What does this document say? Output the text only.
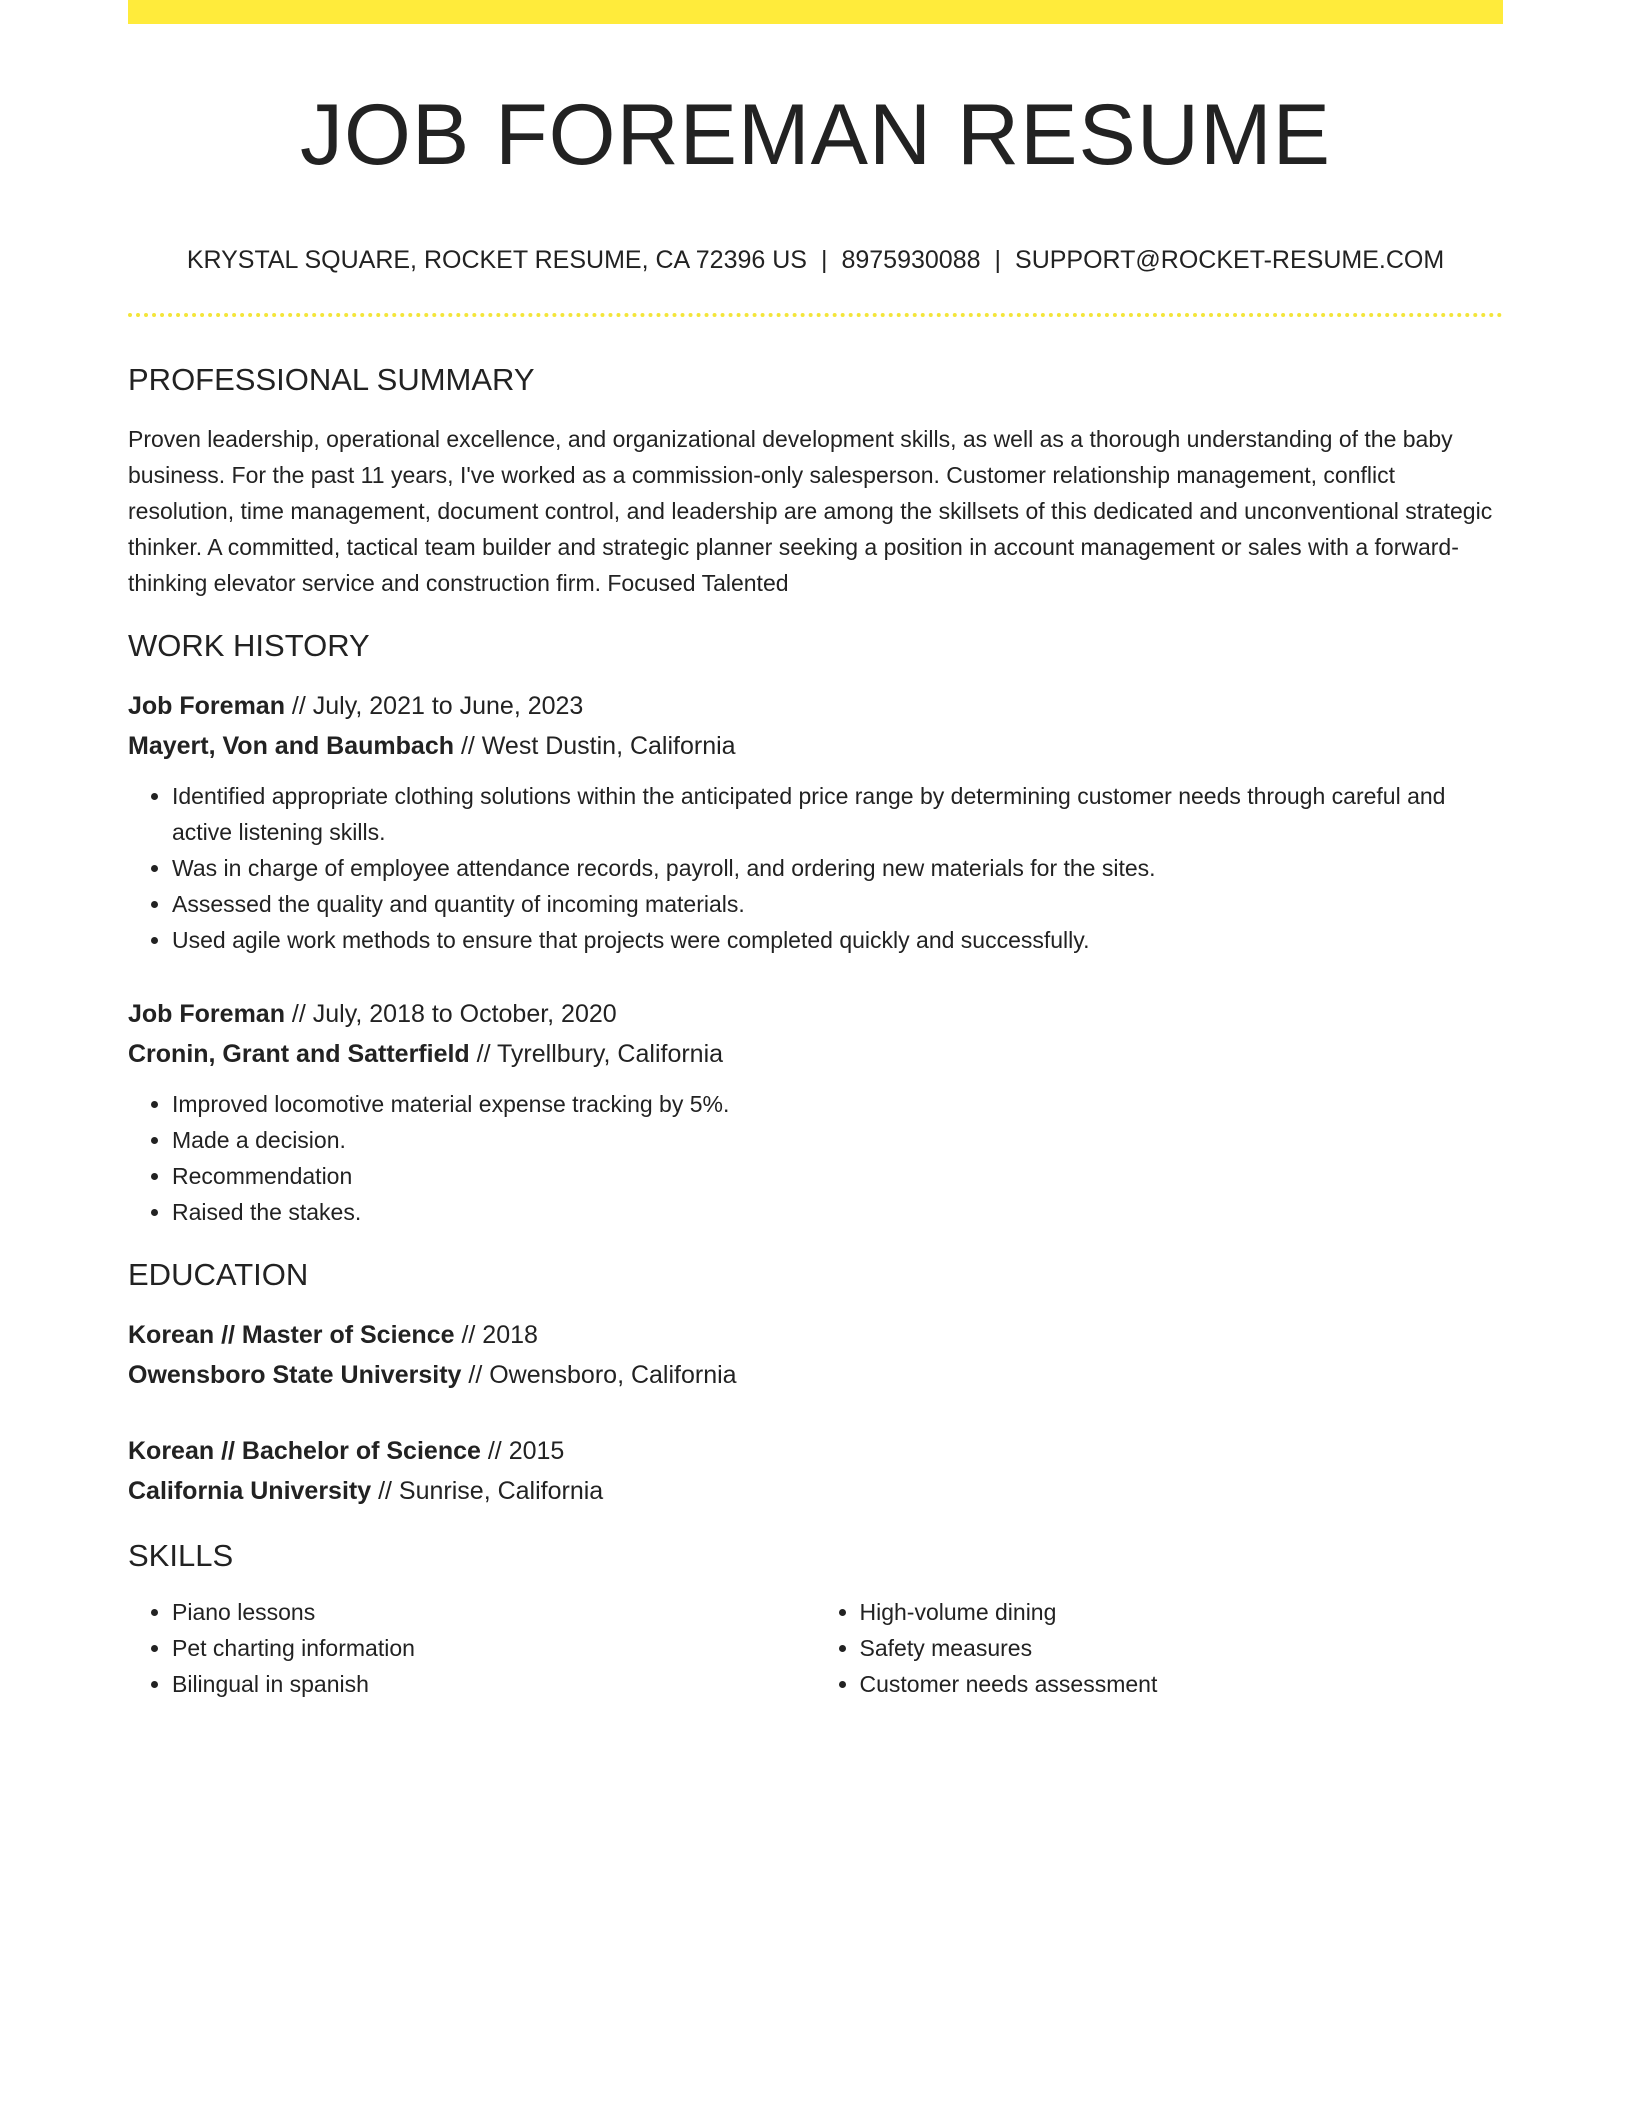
JOB FOREMAN RESUME
KRYSTAL SQUARE, ROCKET RESUME, CA 72396 US | 8975930088 | SUPPORT@ROCKET-RESUME.COM
PROFESSIONAL SUMMARY
Proven leadership, operational excellence, and organizational development skills, as well as a thorough understanding of the baby business. For the past 11 years, I've worked as a commission-only salesperson. Customer relationship management, conflict resolution, time management, document control, and leadership are among the skillsets of this dedicated and unconventional strategic thinker. A committed, tactical team builder and strategic planner seeking a position in account management or sales with a forward-thinking elevator service and construction firm. Focused Talented
WORK HISTORY
Job Foreman // July, 2021 to June, 2023
Mayert, Von and Baumbach // West Dustin, California
• Identified appropriate clothing solutions within the anticipated price range by determining customer needs through careful and active listening skills.
• Was in charge of employee attendance records, payroll, and ordering new materials for the sites.
• Assessed the quality and quantity of incoming materials.
• Used agile work methods to ensure that projects were completed quickly and successfully.
Job Foreman // July, 2018 to October, 2020
Cronin, Grant and Satterfield // Tyrellbury, California
• Improved locomotive material expense tracking by 5%.
• Made a decision.
• Recommendation
• Raised the stakes.
EDUCATION
Korean // Master of Science // 2018
Owensboro State University // Owensboro, California
Korean // Bachelor of Science // 2015
California University // Sunrise, California
SKILLS
• Piano lessons
• Pet charting information
• Bilingual in spanish
• High-volume dining
• Safety measures
• Customer needs assessment
